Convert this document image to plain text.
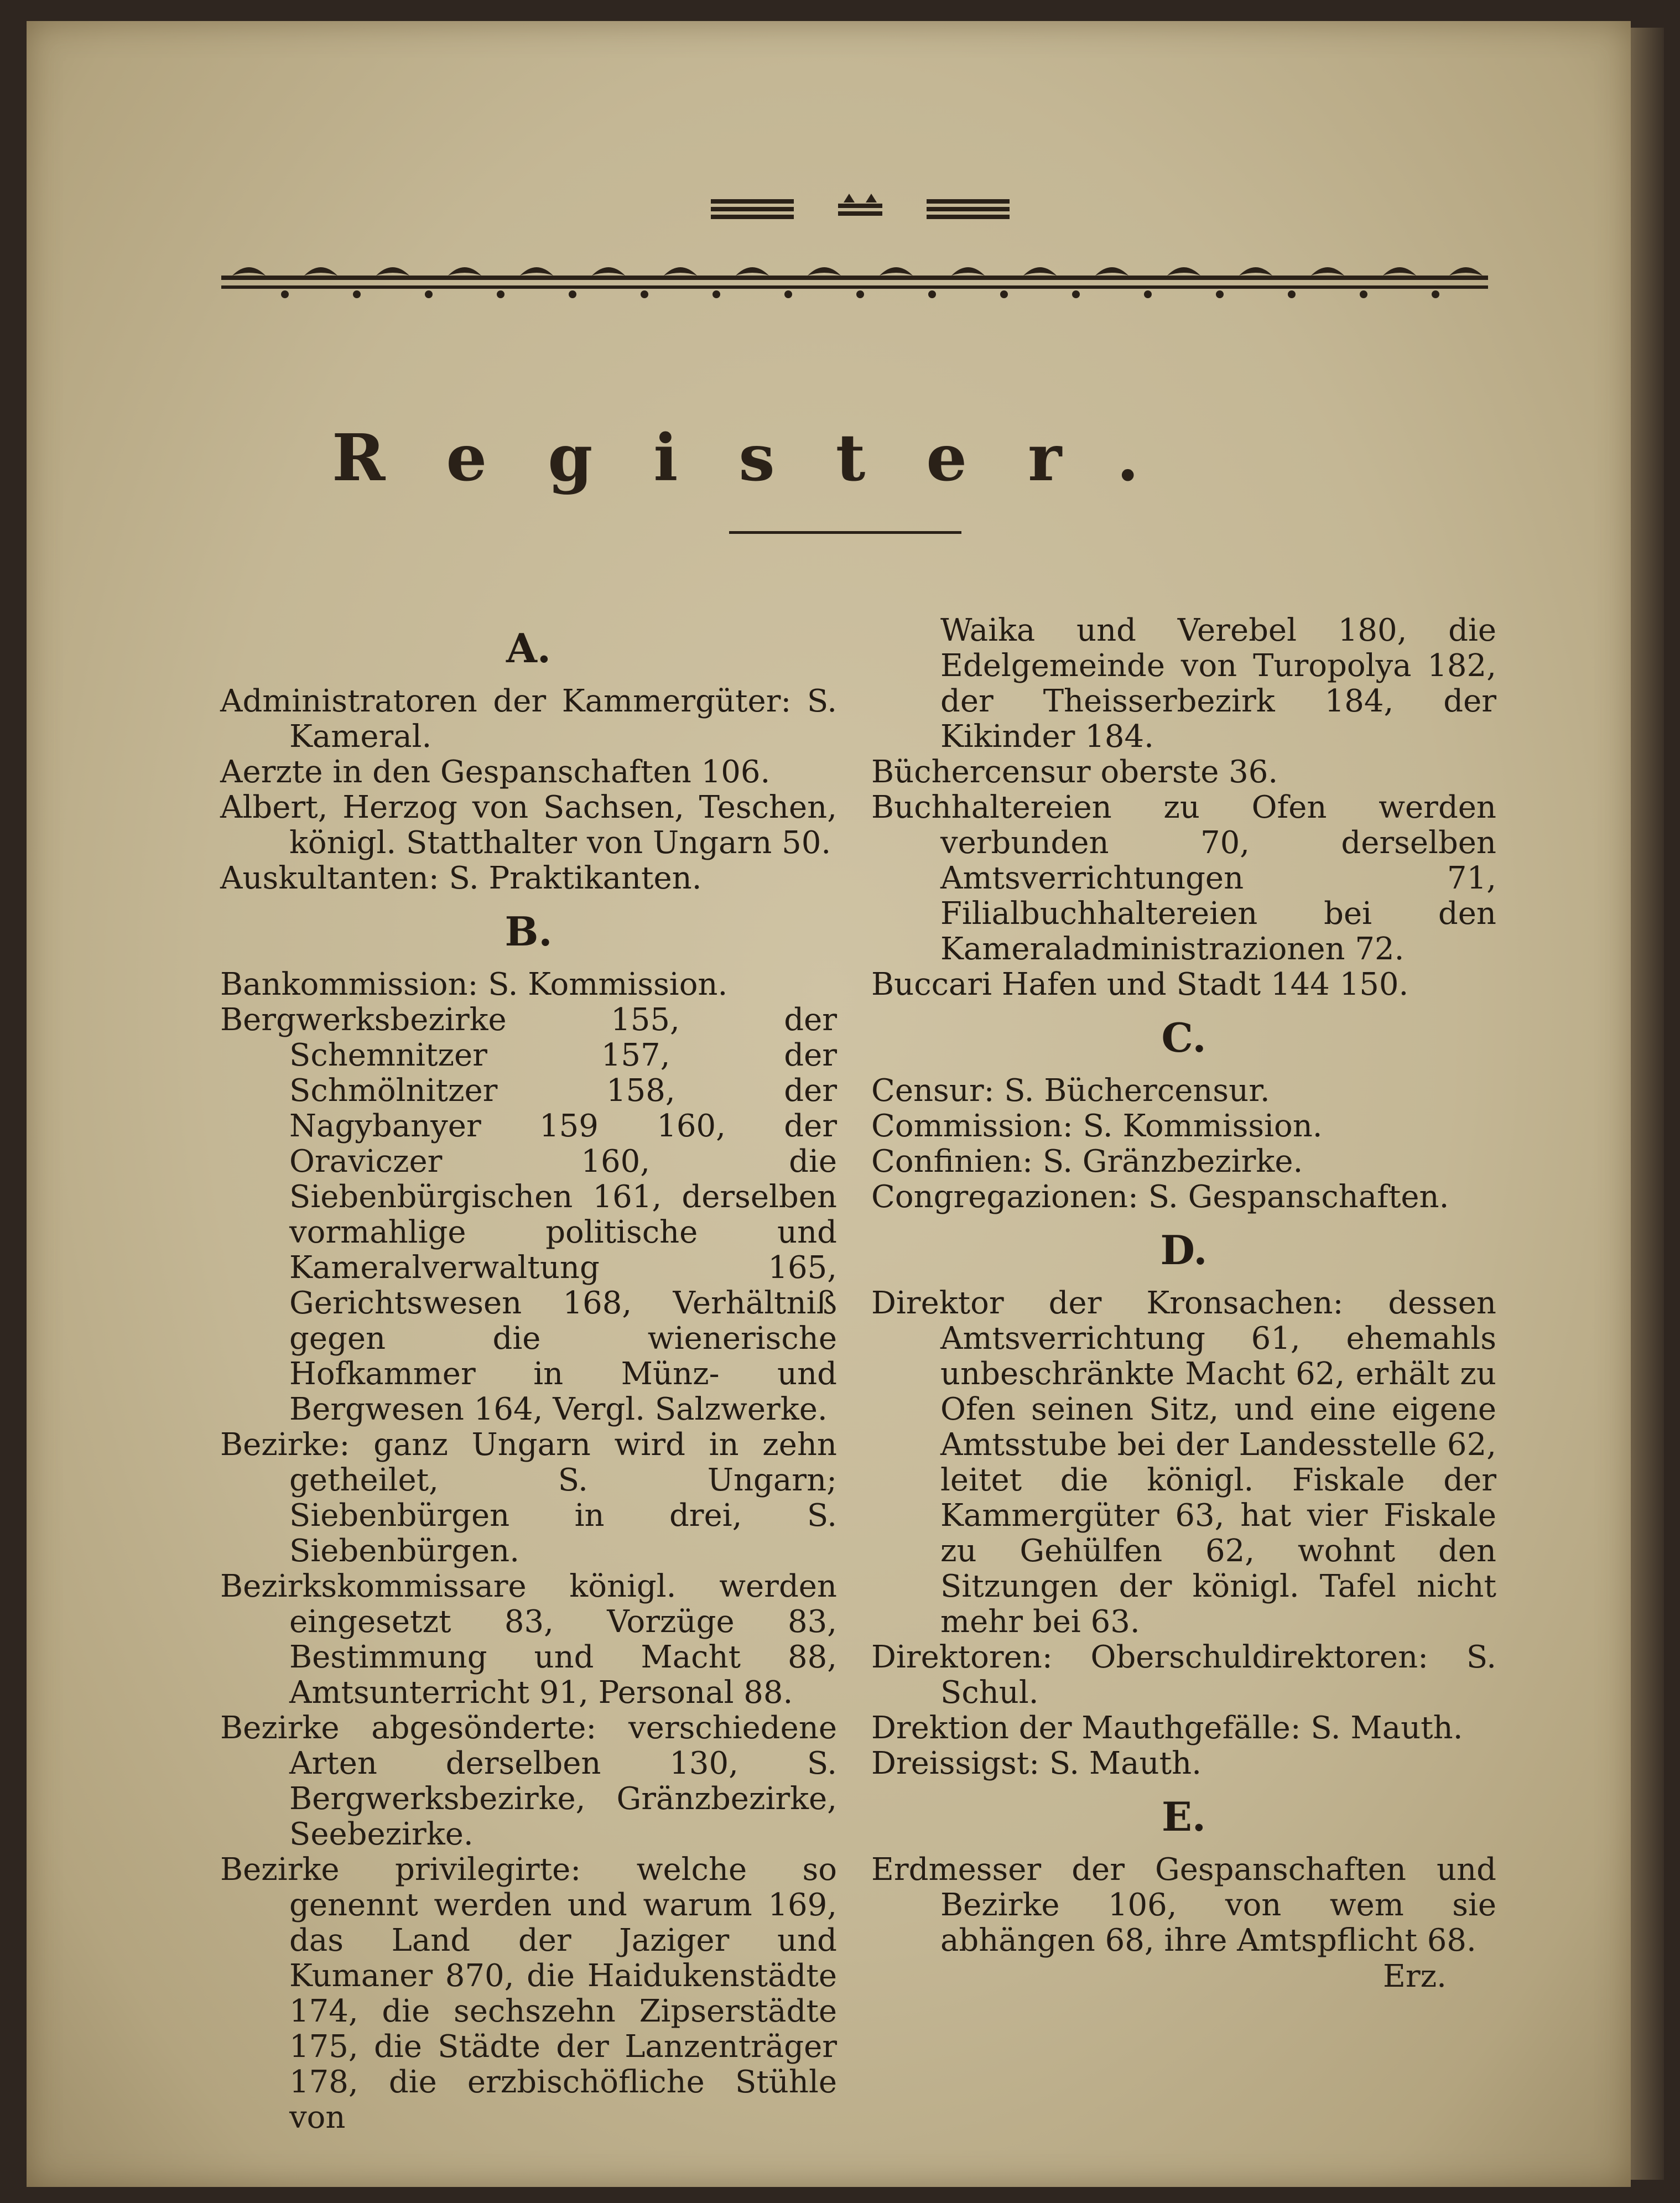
Register.

A.

Administratoren der Kammergüter: S. Kameral.

Aerzte in den Gespanschaften 106.

Albert, Herzog von Sachsen, Teschen, königl. Statthalter von Ungarn 50.

Auskultanten: S. Praktikanten.

B.

Bankommission: S. Kommission.

Bergwerksbezirke 155, der Schemnitzer 157, der Schmölnitzer 158, der Nagybanyer 159 160, der Oraviczer 160, die Siebenbürgischen 161, derselben vormahlige politische und Kameralverwaltung 165, Gerichtswesen 168, Verhältniß gegen die wienerische Hofkammer in Münz- und Bergwesen 164, Vergl. Salzwerke.

Bezirke: ganz Ungarn wird in zehn getheilet, S. Ungarn; Siebenbürgen in drei, S. Siebenbürgen.

Bezirkskommissare königl. werden eingesetzt 83, Vorzüge 83, Bestimmung und Macht 88, Amtsunterricht 91, Personal 88.

Bezirke abgesönderte: verschiedene Arten derselben 130, S. Bergwerksbezirke, Gränzbezirke, Seebezirke.

Bezirke privilegirte: welche so genennt werden und warum 169, das Land der Jaziger und Kumaner 870, die Haidukenstädte 174, die sechszehn Zipserstädte 175, die Städte der Lanzenträger 178, die erzbischöfliche Stühle von

Waika und Verebel 180, die Edelgemeinde von Turopolya 182, der Theisserbezirk 184, der Kikinder 184.

Büchercensur oberste 36.

Buchhaltereien zu Ofen werden verbunden 70, derselben Amtsverrichtungen 71, Filialbuchhaltereien bei den Kameraladministrazionen 72.

Buccari Hafen und Stadt 144 150.

C.

Censur: S. Büchercensur.

Commission: S. Kommission.

Confinien: S. Gränzbezirke.

Congregazionen: S. Gespanschaften.

D.

Direktor der Kronsachen: dessen Amtsverrichtung 61, ehemahls unbeschränkte Macht 62, erhält zu Ofen seinen Sitz, und eine eigene Amtsstube bei der Landesstelle 62, leitet die königl. Fiskale der Kammergüter 63, hat vier Fiskale zu Gehülfen 62, wohnt den Sitzungen der königl. Tafel nicht mehr bei 63.

Direktoren: Oberschuldirektoren: S. Schul.

Drektion der Mauthgefälle: S. Mauth.

Dreissigst: S. Mauth.

E.

Erdmesser der Gespanschaften und Bezirke 106, von wem sie abhängen 68, ihre Amtspflicht 68.

Erz.
